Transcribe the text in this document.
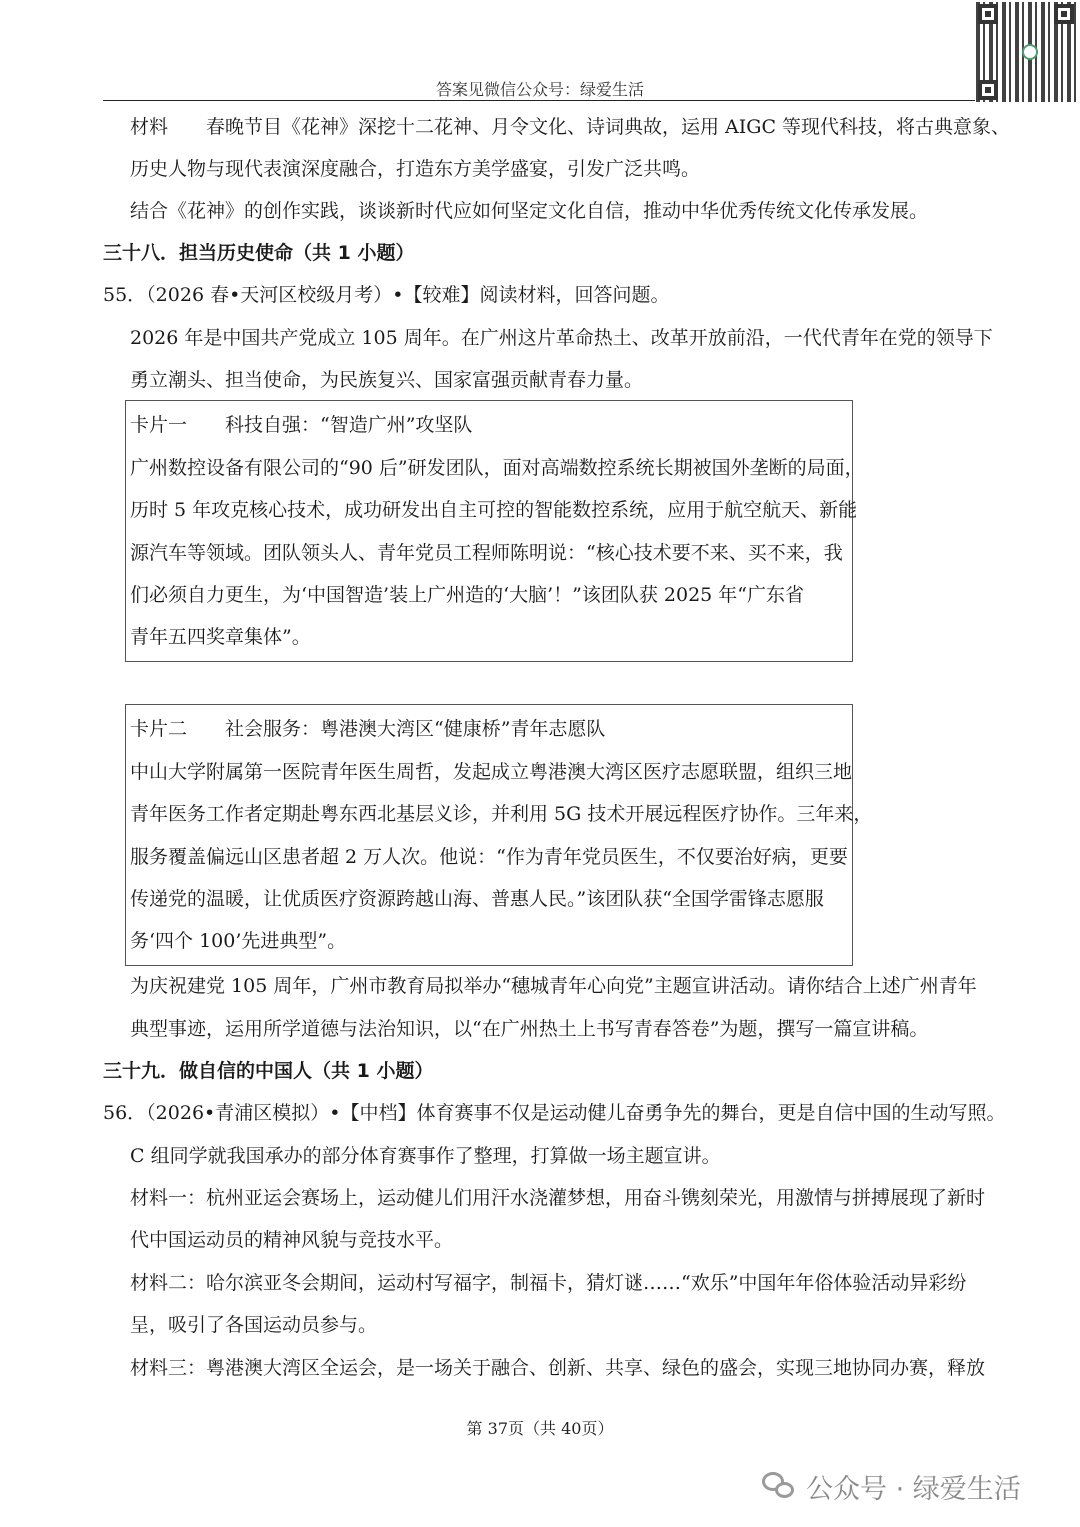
答案见微信公众号：绿爱生活
材料　　春晚节目《花神》深挖十二花神、月令文化、诗词典故，运用 AIGC 等现代科技，将古典意象、
历史人物与现代表演深度融合，打造东方美学盛宴，引发广泛共鸣。
结合《花神》的创作实践，谈谈新时代应如何坚定文化自信，推动中华优秀传统文化传承发展。
三十八．担当历史使命（共 1 小题）
55．（2026 春•天河区校级月考）•【较难】阅读材料，回答问题。
2026 年是中国共产党成立 105 周年。在广州这片革命热土、改革开放前沿，一代代青年在党的领导下
勇立潮头、担当使命，为民族复兴、国家富强贡献青春力量。
卡片一　　科技自强：“智造广州”攻坚队
广州数控设备有限公司的“90 后”研发团队，面对高端数控系统长期被国外垄断的局面，
历时 5 年攻克核心技术，成功研发出自主可控的智能数控系统，应用于航空航天、新能
源汽车等领域。团队领头人、青年党员工程师陈明说：“核心技术要不来、买不来，我
们必须自力更生，为‘中国智造’装上广州造的‘大脑’！”该团队获 2025 年“广东省
青年五四奖章集体”。
卡片二　　社会服务：粤港澳大湾区“健康桥”青年志愿队
中山大学附属第一医院青年医生周哲，发起成立粤港澳大湾区医疗志愿联盟，组织三地
青年医务工作者定期赴粤东西北基层义诊，并利用 5G 技术开展远程医疗协作。三年来，
服务覆盖偏远山区患者超 2 万人次。他说：“作为青年党员医生，不仅要治好病，更要
传递党的温暖，让优质医疗资源跨越山海、普惠人民。”该团队获“全国学雷锋志愿服
务‘四个 100’先进典型”。
为庆祝建党 105 周年，广州市教育局拟举办“穗城青年心向党”主题宣讲活动。请你结合上述广州青年
典型事迹，运用所学道德与法治知识，以“在广州热土上书写青春答卷”为题，撰写一篇宣讲稿。
三十九．做自信的中国人（共 1 小题）
56．（2026•青浦区模拟）•【中档】体育赛事不仅是运动健儿奋勇争先的舞台，更是自信中国的生动写照。
C 组同学就我国承办的部分体育赛事作了整理，打算做一场主题宣讲。
材料一：杭州亚运会赛场上，运动健儿们用汗水浇灌梦想，用奋斗镌刻荣光，用激情与拼搏展现了新时
代中国运动员的精神风貌与竞技水平。
材料二：哈尔滨亚冬会期间，运动村写福字，制福卡，猜灯谜……“欢乐”中国年年俗体验活动异彩纷
呈，吸引了各国运动员参与。
材料三：粤港澳大湾区全运会，是一场关于融合、创新、共享、绿色的盛会，实现三地协同办赛，释放
第 37页（共 40页）
公众号 · 绿爱生活
